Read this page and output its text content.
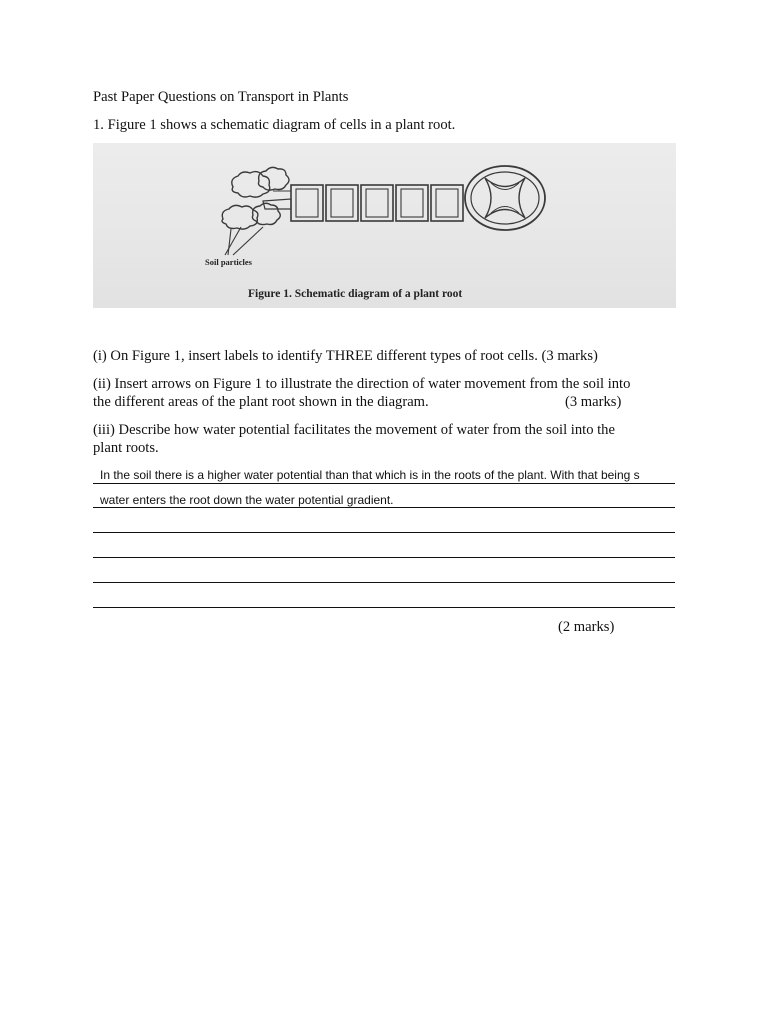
Past Paper Questions on Transport in Plants
1. Figure 1 shows a schematic diagram of cells in a plant root.
Soil particles
Figure 1. Schematic diagram of a plant root
(i) On Figure 1, insert labels to identify THREE different types of root cells. (3 marks)
(ii) Insert arrows on Figure 1 to illustrate the direction of water movement from the soil into
the different areas of the plant root shown in the diagram.	(3 marks)
(iii) Describe how water potential facilitates the movement of water from the soil into the
plant roots.
In the soil there is a higher water potential than that which is in the roots of the plant. With that being s
water enters the root down the water potential gradient.
(2 marks)
